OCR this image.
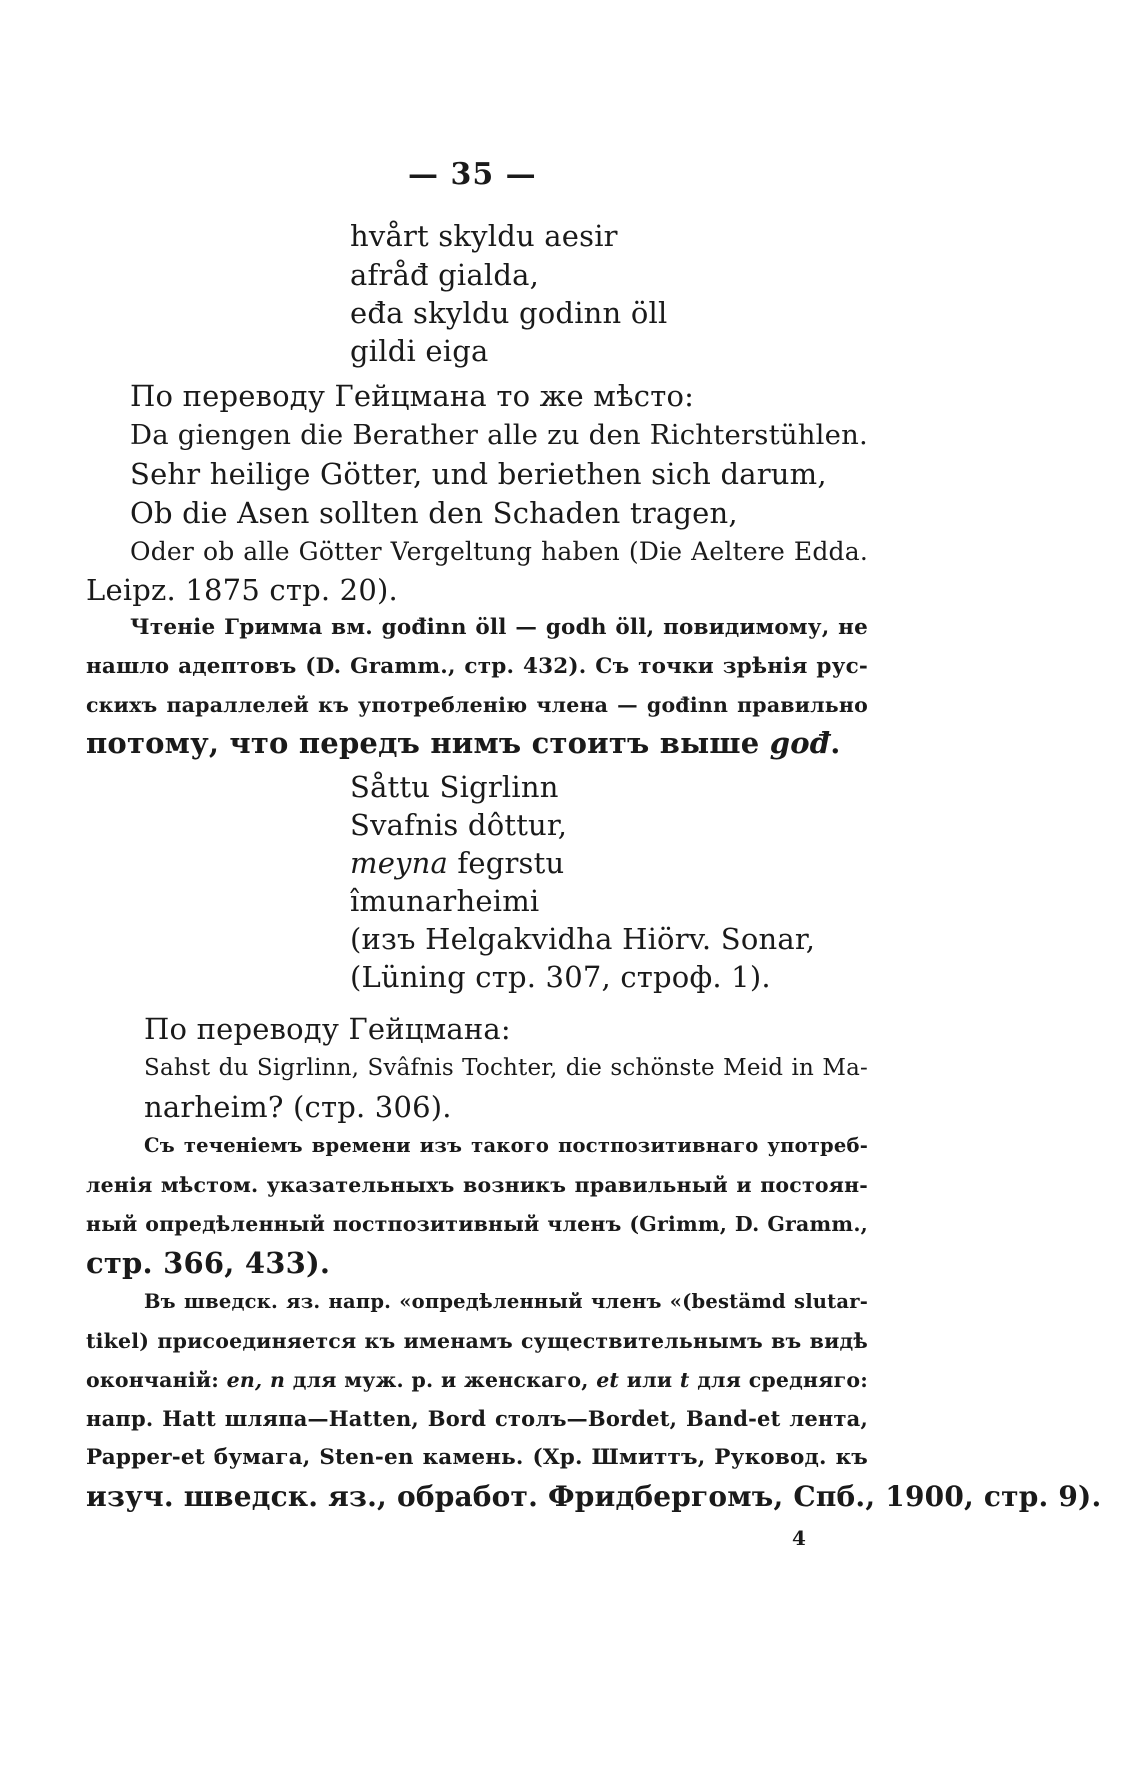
— 35 —
hvårt skyldu aesir
afråđ gialda,
eđa skyldu godinn öll
gildi eiga
По переводу Гейцмана то же мѣсто:
Da giengen die Berather alle zu den Richterstühlen.
Sehr heilige Götter, und beriethen sich darum,
Ob die Asen sollten den Schaden tragen,
Oder ob alle Götter Vergeltung haben (Die Aeltere Edda.
Leipz. 1875 стр. 20).
Чтеніе Гримма вм. gođinn öll — godh öll, повидимому, не
нашло адептовъ (D. Gramm., стр. 432). Съ точки зрѣнія рус-
скихъ параллелей къ употребленію члена — gođinn правильно
потому, что передъ нимъ стоитъ выше gođ.
Såttu Sigrlinn
Svafnis dôttur,
meyna fegrstu
îmunarheimi
(изъ Helgakvidha Hiörv. Sonar,
(Lüning стр. 307, строф. 1).
По переводу Гейцмана:
Sahst du Sigrlinn, Svâfnis Tochter, die schönste Meid in Ma-
narheim? (стр. 306).
Съ теченіемъ времени изъ такого постпозитивнаго употреб-
ленія мѣстом. указательныхъ возникъ правильный и постоян-
ный опредѣленный постпозитивный членъ (Grimm, D. Gramm.,
стр. 366, 433).
Въ шведск. яз. напр. «опредѣленный членъ «(bestämd slutar-
tikel) присоединяется къ именамъ существительнымъ въ видѣ
окончаній: en, n для муж. р. и женскаго, et или t для средняго:
напр. Hatt шляпа—Hatten, Bord столъ—Bordet, Band-et лента,
Papper-et бумага, Sten-en камень. (Хр. Шмиттъ, Руковод. къ
изуч. шведск. яз., обработ. Фридбергомъ, Спб., 1900, стр. 9).
4
